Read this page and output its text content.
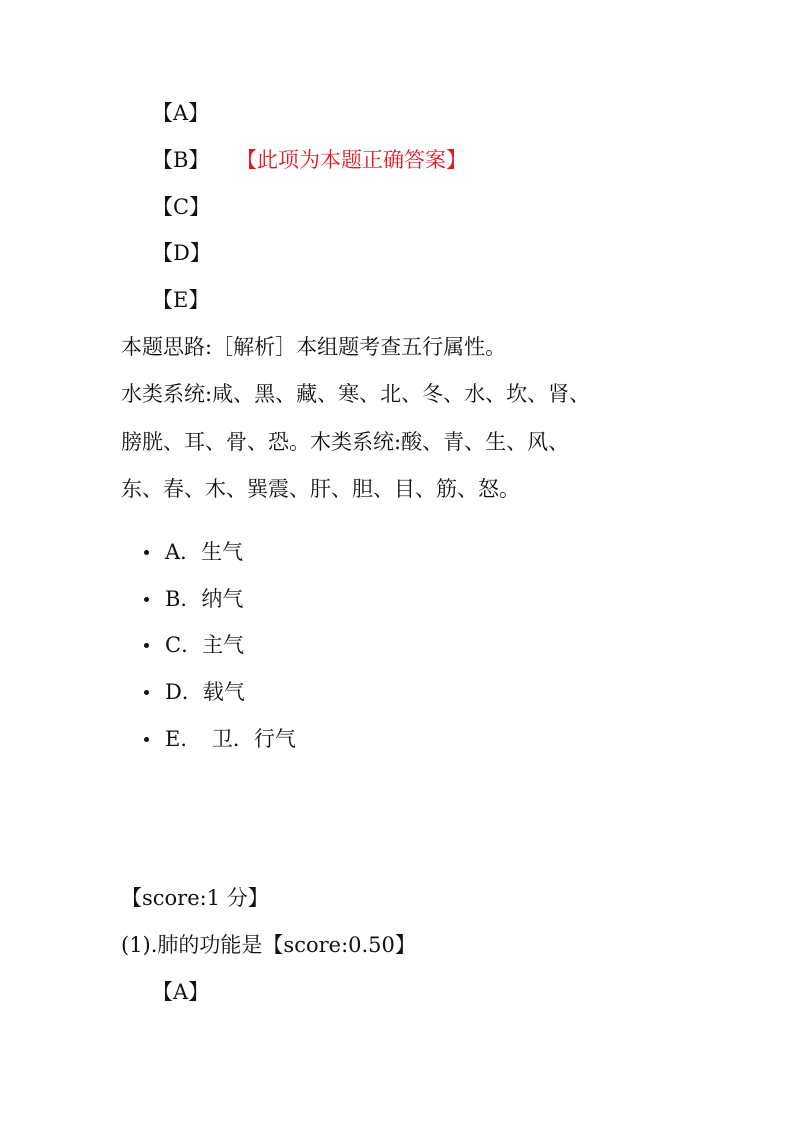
【A】
【B】 【此项为本题正确答案】
【C】
【D】
【E】
本题思路:［解析］本组题考查五行属性。
水类系统:咸、黑、藏、寒、北、冬、水、坎、肾、
膀胱、耳、骨、恐。木类系统:酸、青、生、风、
东、春、木、巽震、肝、胆、目、筋、怒。
A．生气
B．纳气
C．主气
D．载气
E．　卫．行气
【score:1 分】
(1).肺的功能是【score:0.50】
【A】
